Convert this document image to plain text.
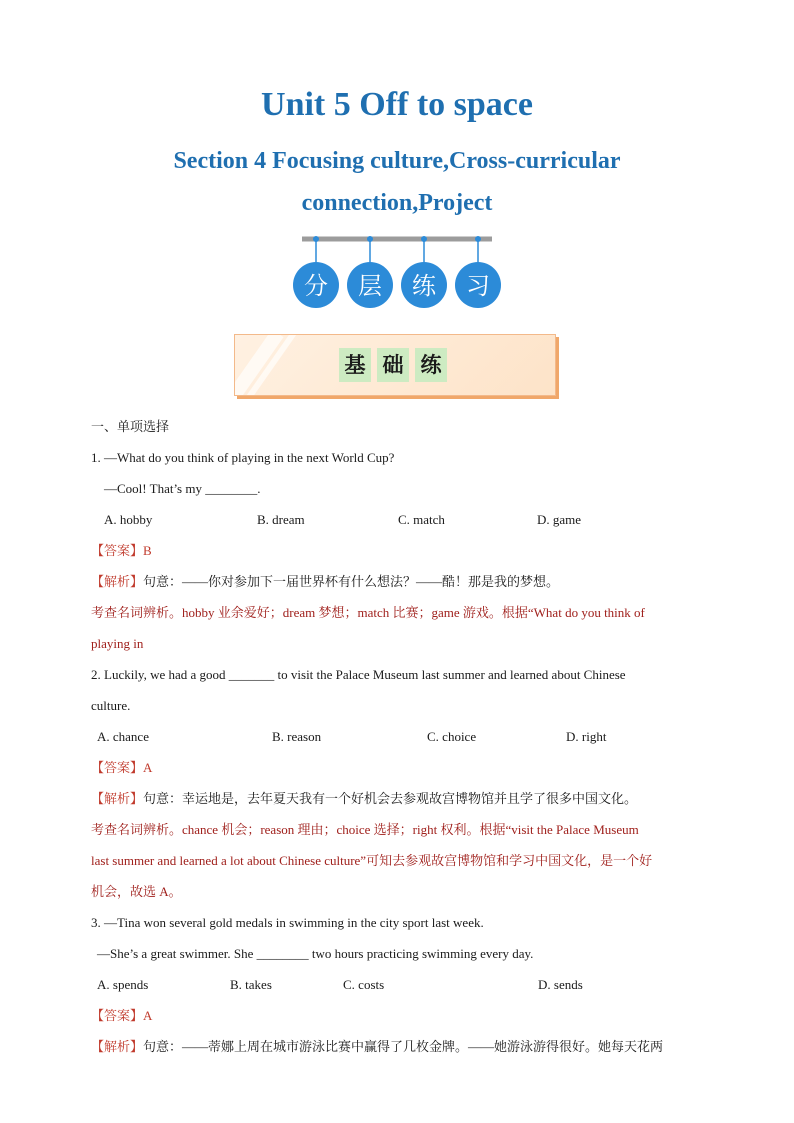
Unit 5 Off to space
Section 4 Focusing culture,Cross-curricular
connection,Project
分 层 练 习
基 础 练
一、单项选择
1. —What do you think of playing in the next World Cup?
—Cool! That’s my ________.
A. hobby	B. dream	C. match	D. game
【答案】B
【解析】句意：——你对参加下一届世界杯有什么想法？——酷！那是我的梦想。
考查名词辨析。hobby 业余爱好；dream 梦想；match 比赛；game 游戏。根据“What do you think of
playing in
2. Luckily, we had a good _______ to visit the Palace Museum last summer and learned about Chinese
culture.
A. chance	B. reason	C. choice	D. right
【答案】A
【解析】句意：幸运地是，去年夏天我有一个好机会去参观故宫博物馆并且学了很多中国文化。
考查名词辨析。chance 机会；reason 理由；choice 选择；right 权利。根据“visit the Palace Museum
last summer and learned a lot about Chinese culture”可知去参观故宫博物馆和学习中国文化，是一个好
机会，故选 A。
3. —Tina won several gold medals in swimming in the city sport last week.
—She’s a great swimmer. She ________ two hours practicing swimming every day.
A. spends	B. takes	C. costs	D. sends
【答案】A
【解析】句意：——蒂娜上周在城市游泳比赛中赢得了几枚金牌。——她游泳游得很好。她每天花两
